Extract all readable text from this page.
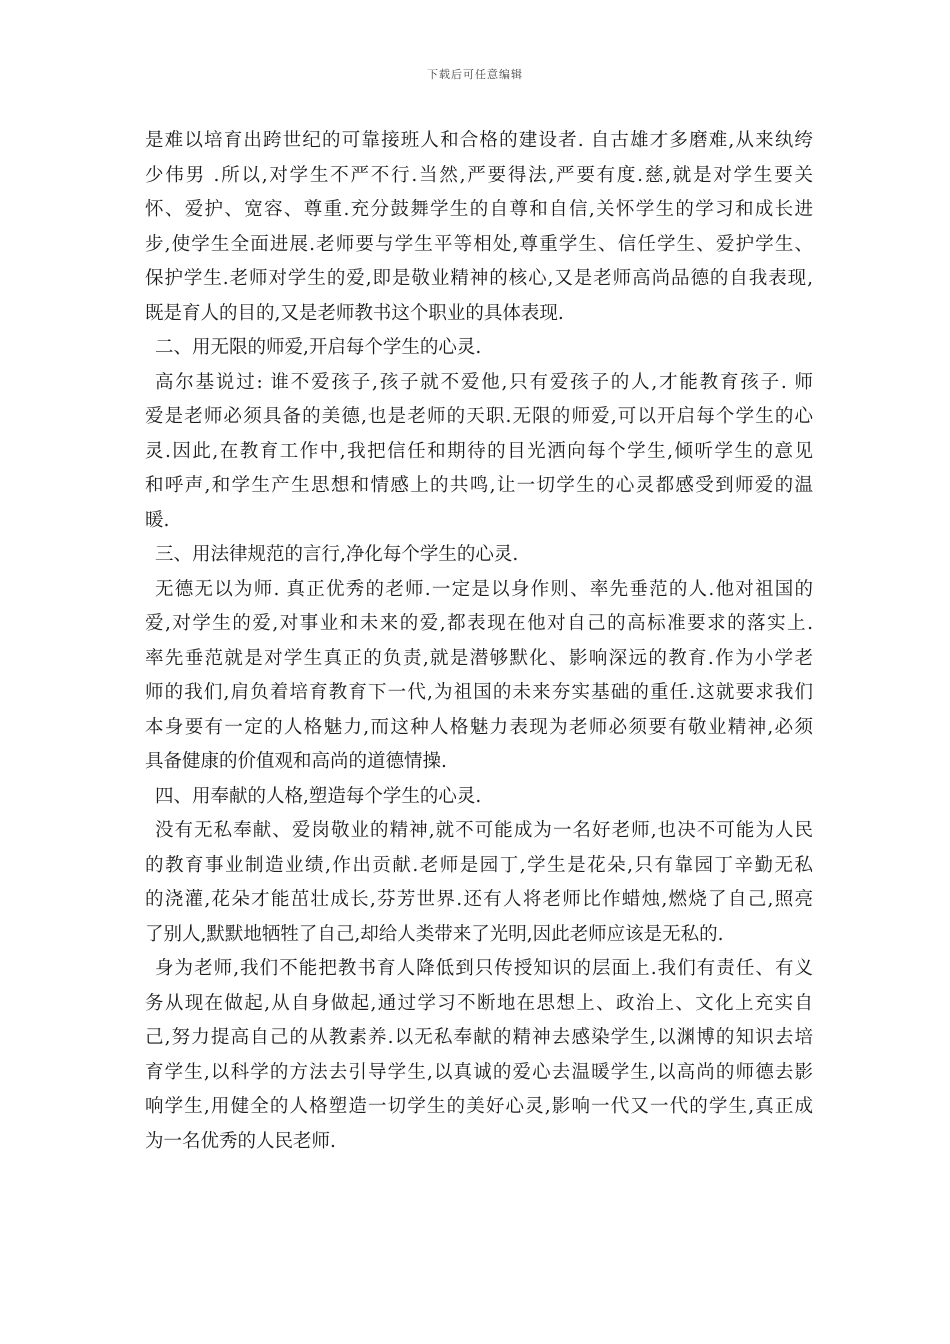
下载后可任意编辑
是难以培育出跨世纪的可靠接班人和合格的建设者. 自古雄才多磨难,从来纨绔
少伟男 .所以,对学生不严不行.当然,严要得法,严要有度.慈,就是对学生要关
怀、爱护、宽容、尊重.充分鼓舞学生的自尊和自信,关怀学生的学习和成长进
步,使学生全面进展.老师要与学生平等相处,尊重学生、信任学生、爱护学生、
保护学生.老师对学生的爱,即是敬业精神的核心,又是老师高尚品德的自我表现,
既是育人的目的,又是老师教书这个职业的具体表现.
二、用无限的师爱,开启每个学生的心灵.
高尔基说过: 谁不爱孩子,孩子就不爱他,只有爱孩子的人,才能教育孩子. 师
爱是老师必须具备的美德,也是老师的天职.无限的师爱,可以开启每个学生的心
灵.因此,在教育工作中,我把信任和期待的目光洒向每个学生,倾听学生的意见
和呼声,和学生产生思想和情感上的共鸣,让一切学生的心灵都感受到师爱的温
暖.
三、用法律规范的言行,净化每个学生的心灵.
无德无以为师. 真正优秀的老师.一定是以身作则、率先垂范的人.他对祖国的
爱,对学生的爱,对事业和未来的爱,都表现在他对自己的高标准要求的落实上.
率先垂范就是对学生真正的负责,就是潜够默化、影响深远的教育.作为小学老
师的我们,肩负着培育教育下一代,为祖国的未来夯实基础的重任.这就要求我们
本身要有一定的人格魅力,而这种人格魅力表现为老师必须要有敬业精神,必须
具备健康的价值观和高尚的道德情操.
四、用奉献的人格,塑造每个学生的心灵.
没有无私奉献、爱岗敬业的精神,就不可能成为一名好老师,也决不可能为人民
的教育事业制造业绩,作出贡献.老师是园丁,学生是花朵,只有靠园丁辛勤无私
的浇灌,花朵才能茁壮成长,芬芳世界.还有人将老师比作蜡烛,燃烧了自己,照亮
了别人,默默地牺牲了自己,却给人类带来了光明,因此老师应该是无私的.
身为老师,我们不能把教书育人降低到只传授知识的层面上.我们有责任、有义
务从现在做起,从自身做起,通过学习不断地在思想上、政治上、文化上充实自
己,努力提高自己的从教素养.以无私奉献的精神去感染学生,以渊博的知识去培
育学生,以科学的方法去引导学生,以真诚的爱心去温暖学生,以高尚的师德去影
响学生,用健全的人格塑造一切学生的美好心灵,影响一代又一代的学生,真正成
为一名优秀的人民老师.
